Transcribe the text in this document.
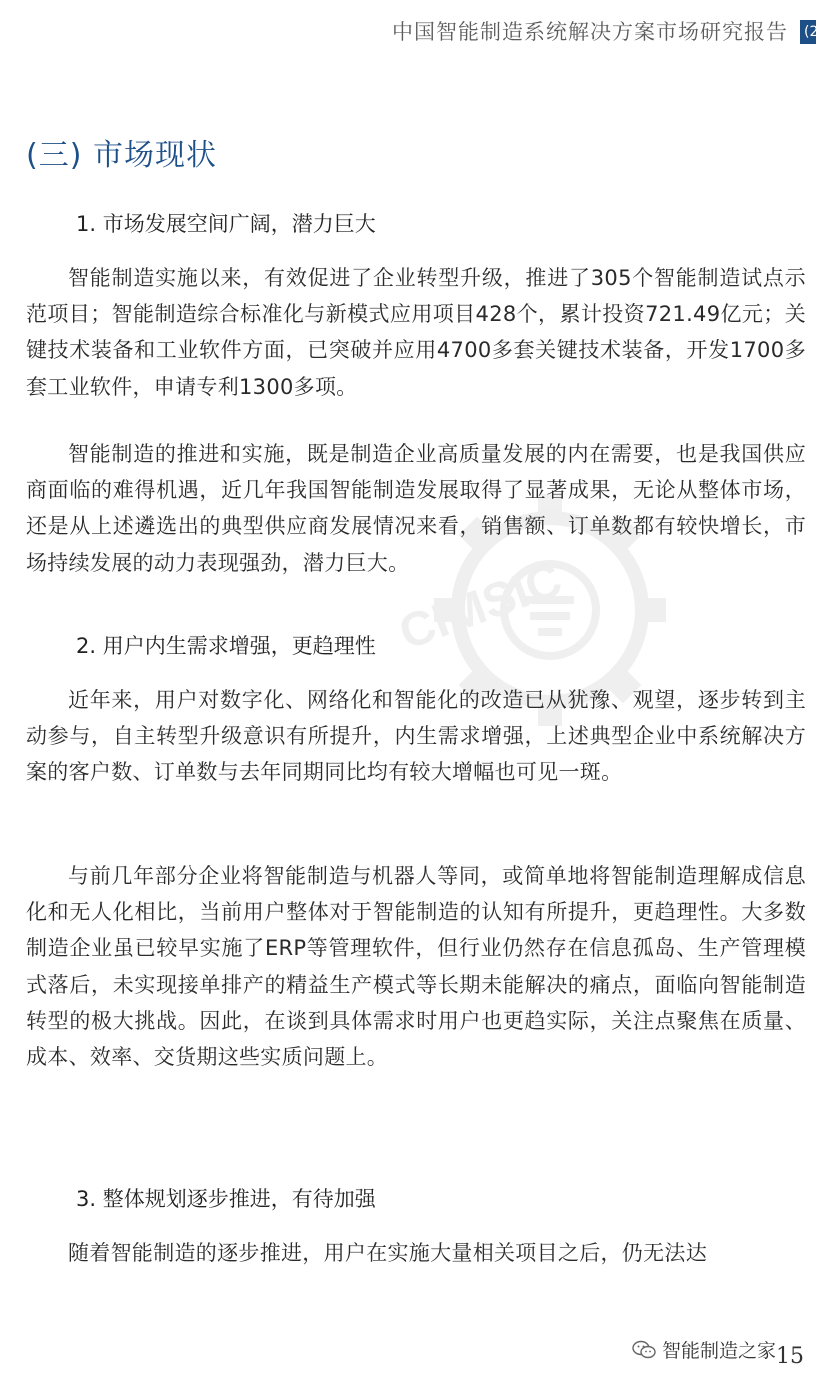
中国智能制造系统解决方案市场研究报告 (2
CIMSIC
(三) 市场现状
1. 市场发展空间广阔，潜力巨大

智能制造实施以来，有效促进了企业转型升级，推进了305个智能制造试点示范项目；智能制造综合标准化与新模式应用项目428个，累计投资721.49亿元；关键技术装备和工业软件方面，已突破并应用4700多套关键技术装备，开发1700多套工业软件，申请专利1300多项。

智能制造的推进和实施，既是制造企业高质量发展的内在需要，也是我国供应商面临的难得机遇，近几年我国智能制造发展取得了显著成果，无论从整体市场，还是从上述遴选出的典型供应商发展情况来看，销售额、订单数都有较快增长，市场持续发展的动力表现强劲，潜力巨大。

2. 用户内生需求增强，更趋理性

近年来，用户对数字化、网络化和智能化的改造已从犹豫、观望，逐步转到主动参与，自主转型升级意识有所提升，内生需求增强，上述典型企业中系统解决方案的客户数、订单数与去年同期同比均有较大增幅也可见一斑。

与前几年部分企业将智能制造与机器人等同，或简单地将智能制造理解成信息化和无人化相比，当前用户整体对于智能制造的认知有所提升，更趋理性。大多数制造企业虽已较早实施了ERP等管理软件，但行业仍然存在信息孤岛、生产管理模式落后，未实现接单排产的精益生产模式等长期未能解决的痛点，面临向智能制造转型的极大挑战。因此，在谈到具体需求时用户也更趋实际，关注点聚焦在质量、成本、效率、交货期这些实质问题上。

3. 整体规划逐步推进，有待加强

随着智能制造的逐步推进，用户在实施大量相关项目之后，仍无法达

智能制造之家 15
